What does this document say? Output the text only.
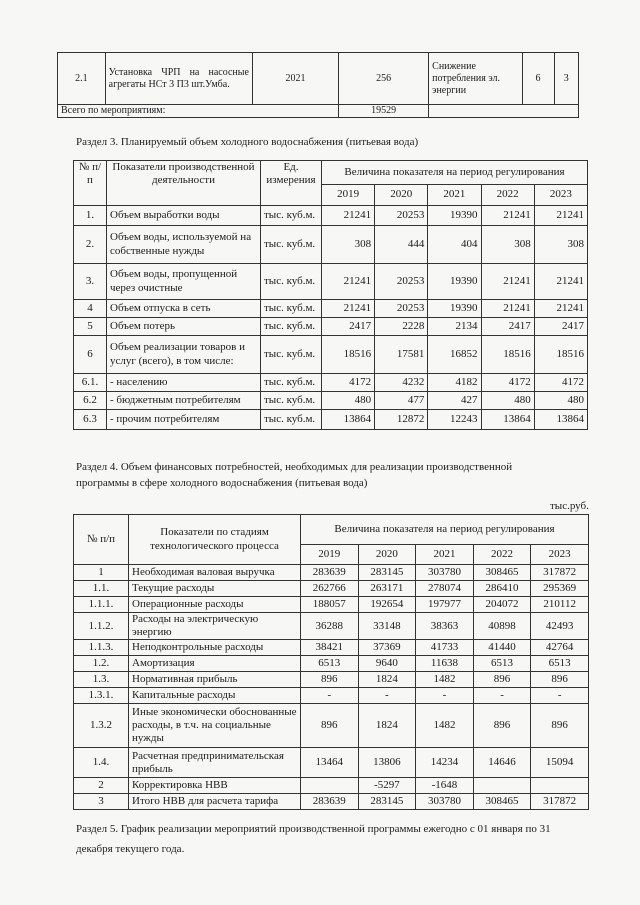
2.1	Установка ЧРП на насосные агрегаты НСт 3 П3 шт.Умба.	2021	256	Снижение потребления эл. энергии	6	3
Всего по мероприятиям:			19529			
Раздел 3. Планируемый объем холодного водоснабжения (питьевая вода)
№ п/п	Показатели производственной деятельности	Ед. измерения	Величина показателя на период регулирования				
			2019	2020	2021	2022	2023
1.	Объем выработки воды	тыс. куб.м.	21241	20253	19390	21241	21241
2.	Объем воды, используемой на собственные нужды	тыс. куб.м.	308	444	404	308	308
3.	Объем воды, пропущенной через очистные	тыс. куб.м.	21241	20253	19390	21241	21241
4	Объем отпуска в сеть	тыс. куб.м.	21241	20253	19390	21241	21241
5	Объем потерь	тыс. куб.м.	2417	2228	2134	2417	2417
6	Объем реализации товаров и услуг (всего), в том числе:	тыс. куб.м.	18516	17581	16852	18516	18516
6.1.	- населению	тыс. куб.м.	4172	4232	4182	4172	4172
6.2	- бюджетным потребителям	тыс. куб.м.	480	477	427	480	480
6.3	- прочим потребителям	тыс. куб.м.	13864	12872	12243	13864	13864
Раздел 4. Объем финансовых потребностей, необходимых для реализации производственной
программы в сфере холодного водоснабжения (питьевая вода)
тыс.руб.
№ п/п	Показатели по стадиям технологического процесса	Величина показателя на период регулирования				
		2019	2020	2021	2022	2023
1	Необходимая валовая выручка	283639	283145	303780	308465	317872
1.1.	Текущие расходы	262766	263171	278074	286410	295369
1.1.1.	Операционные расходы	188057	192654	197977	204072	210112
1.1.2.	Расходы на электрическую энергию	36288	33148	38363	40898	42493
1.1.3.	Неподконтрольные расходы	38421	37369	41733	41440	42764
1.2.	Амортизация	6513	9640	11638	6513	6513
1.3.	Нормативная прибыль	896	1824	1482	896	896
1.3.1.	Капитальные расходы	-	-	-	-	-
1.3.2	Иные экономически обоснованные расходы, в т.ч. на социальные нужды	896	1824	1482	896	896
1.4.	Расчетная предпринимательская прибыль	13464	13806	14234	14646	15094
2	Корректировка НВВ		-5297	-1648		
3	Итого НВВ для расчета тарифа	283639	283145	303780	308465	317872
Раздел 5. График реализации мероприятий производственной программы ежегодно с 01 января по 31
декабря текущего года.
